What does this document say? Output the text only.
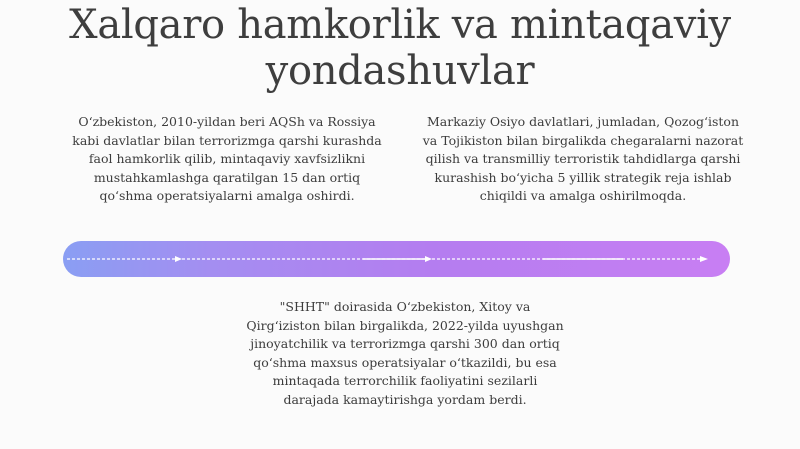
Xalqaro hamkorlik va mintaqaviy yondashuvlar
O‘zbekiston, 2010-yildan beri AQSh va Rossiya kabi davlatlar bilan terrorizmga qarshi kurashda faol hamkorlik qilib, mintaqaviy xavfsizlikni mustahkamlashga qaratilgan 15 dan ortiq qo‘shma operatsiyalarni amalga oshirdi.
Markaziy Osiyo davlatlari, jumladan, Qozog‘iston va Tojikiston bilan birgalikda chegaralarni nazorat qilish va transmilliy terroristik tahdidlarga qarshi kurashish bo‘yicha 5 yillik strategik reja ishlab chiqildi va amalga oshirilmoqda.
"SHHT" doirasida O‘zbekiston, Xitoy va Qirg‘iziston bilan birgalikda, 2022-yilda uyushgan jinoyatchilik va terrorizmga qarshi 300 dan ortiq qo‘shma maxsus operatsiyalar o‘tkazildi, bu esa mintaqada terrorchilik faoliyatini sezilarli darajada kamaytirishga yordam berdi.
